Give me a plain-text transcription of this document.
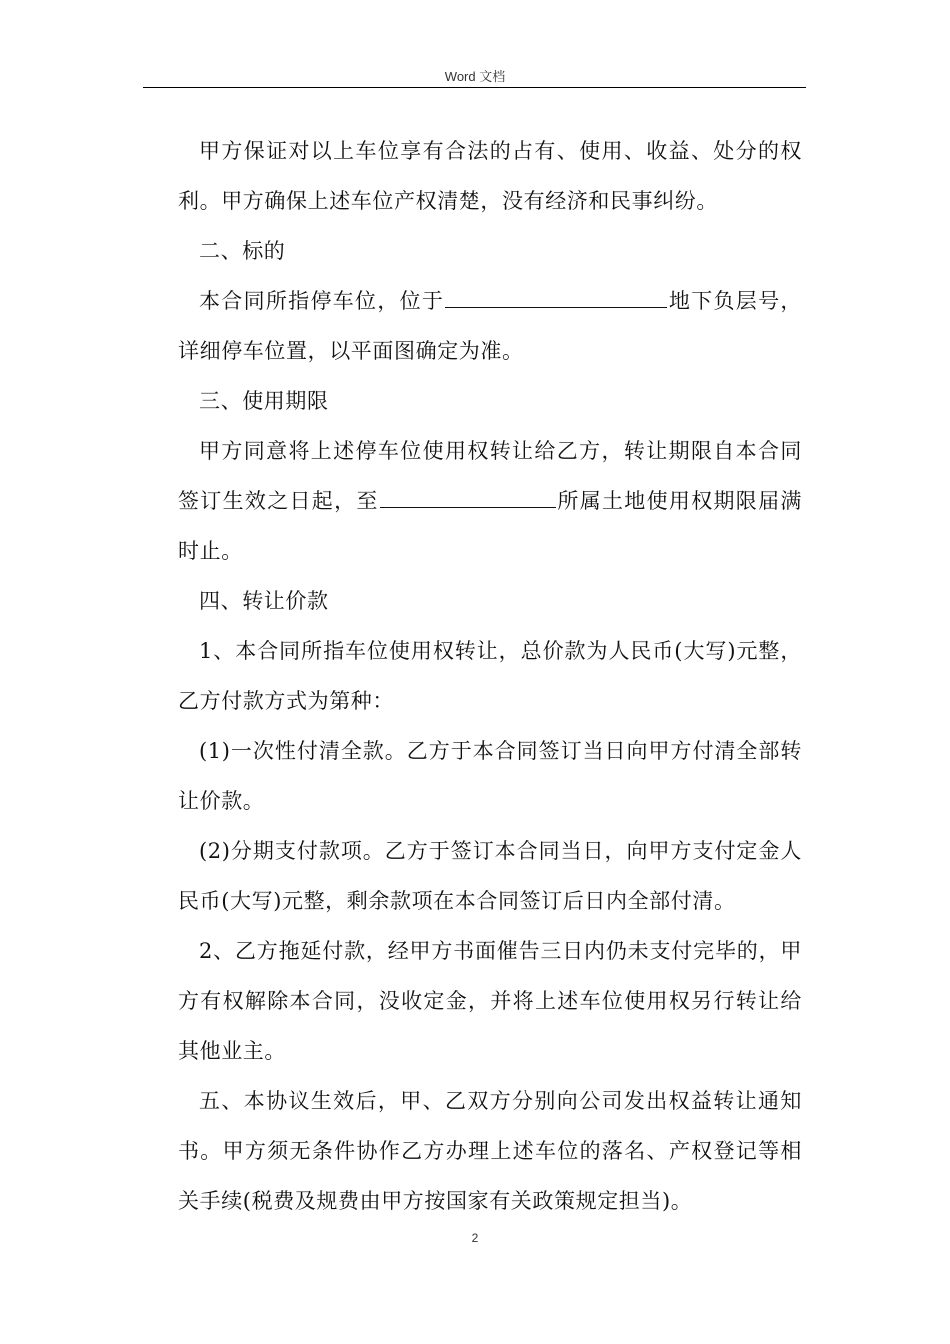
Word 文档

甲方保证对以上车位享有合法的占有、使用、收益、处分的权利。甲方确保上述车位产权清楚，没有经济和民事纠纷。

二、标的

本合同所指停车位，位于	地下负层号，详细停车位置，以平面图确定为准。

三、使用期限

甲方同意将上述停车位使用权转让给乙方，转让期限自本合同签订生效之日起，至	所属土地使用权期限届满时止。

四、转让价款

1、本合同所指车位使用权转让，总价款为人民币(大写)元整，乙方付款方式为第种：

(1)一次性付清全款。乙方于本合同签订当日向甲方付清全部转让价款。

(2)分期支付款项。乙方于签订本合同当日，向甲方支付定金人民币(大写)元整，剩余款项在本合同签订后日内全部付清。

2、乙方拖延付款，经甲方书面催告三日内仍未支付完毕的，甲方有权解除本合同，没收定金，并将上述车位使用权另行转让给其他业主。

五、本协议生效后，甲、乙双方分别向公司发出权益转让通知书。甲方须无条件协作乙方办理上述车位的落名、产权登记等相关手续(税费及规费由甲方按国家有关政策规定担当)。

2
